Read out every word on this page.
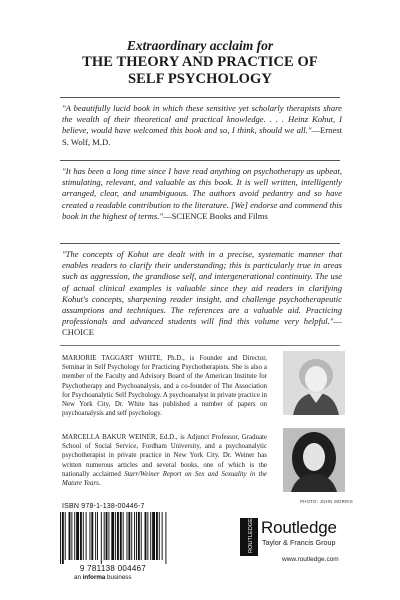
Extraordinary acclaim for
THE THEORY AND PRACTICE OF
SELF PSYCHOLOGY
"A beautifully lucid book in which these sensitive yet scholarly therapists share the wealth of their theoretical and practical knowledge. . . . Heinz Kohut, I believe, would have welcomed this book and so, I think, should we all."—Ernest S. Wolf, M.D.
"It has been a long time since I have read anything on psychotherapy as upbeat, stimulating, relevant, and valuable as this book. It is well written, intelligently arranged, clear, and unambiguous. The authors avoid pedantry and so have created a readable contribution to the literature. [We] endorse and commend this book in the highest of terms."—SCIENCE Books and Films
"The concepts of Kohut are dealt with in a precise, systematic manner that enables readers to clarify their understanding; this is particularly true in areas such as aggression, the grandiose self, and intergenerational continuity. The use of actual clinical examples is valuable since they aid readers in clarifying Kohut's concepts, sharpening reader insight, and challenge psychotherapeutic assumptions and techniques. The references are a valuable aid. Practicing professionals and advanced students will find this volume very helpful."—CHOICE
MARJORIE TAGGART WHITE, Ph.D., is Founder and Director, Seminar in Self Psychology for Practicing Psychotherapists. She is also a member of the Faculty and Advisory Board of the American Institute for Psychotherapy and Psychoanalysis, and a co-founder of The Association for Psychoanalytic Self Psychology. A psychoanalyst in private practice in New York City, Dr. White has published a number of papers on psychoanalysis and self psychology.
MARCELLA BAKUR WEINER, Ed.D., is Adjunct Professor, Graduate School of Social Service, Fordham University, and a psychoanalytic psychotherapist in private practice in New York City. Dr. Weiner has written numerous articles and several books, one of which is the nationally acclaimed Starr/Weiner Report on Sex and Sexuality in the Mature Years.
PHOTO: JOHN MORRIS
ISBN 978-1-138-00446-7
9 781138 004467
an informa business
ROUTLEDGE Routledge
Taylor & Francis Group
www.routledge.com
